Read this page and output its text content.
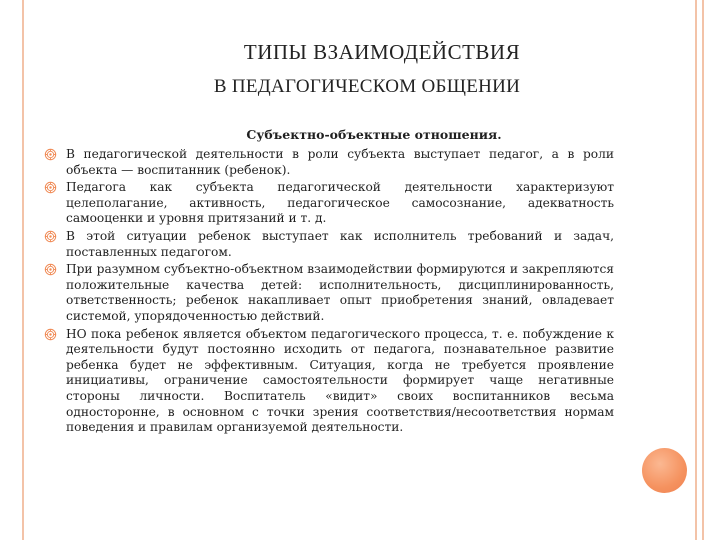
ТИПЫ ВЗАИМОДЕЙСТВИЯ
В ПЕДАГОГИЧЕСКОМ ОБЩЕНИИ
Субъектно-объектные отношения.
В педагогической деятельности в роли субъекта выступает педагог, а в роли объекта — воспитанник (ребенок).
Педагога как субъекта педагогической деятельности характеризуют целеполагание, активность, педагогическое самосознание, адекватность самооценки и уровня притязаний и т. д.
В этой ситуации ребенок выступает как исполнитель требований и задач, поставленных педагогом.
При разумном субъектно-объектном взаимодействии формируются и закрепляются положительные качества детей: исполнительность, дисциплинированность, ответственность; ребенок накапливает опыт приобретения знаний, овладевает системой, упорядоченностью действий.
НО пока ребенок является объектом педагогического процесса, т. е. побуждение к деятельности будут постоянно исходить от педагога, познавательное развитие ребенка будет не эффективным. Ситуация, когда не требуется проявление инициативы, ограничение самостоятельности формирует чаще негативные стороны личности. Воспитатель «видит» своих воспитанников весьма односторонне, в основном с точки зрения соответствия/несоответствия нормам поведения и правилам организуемой деятельности.
